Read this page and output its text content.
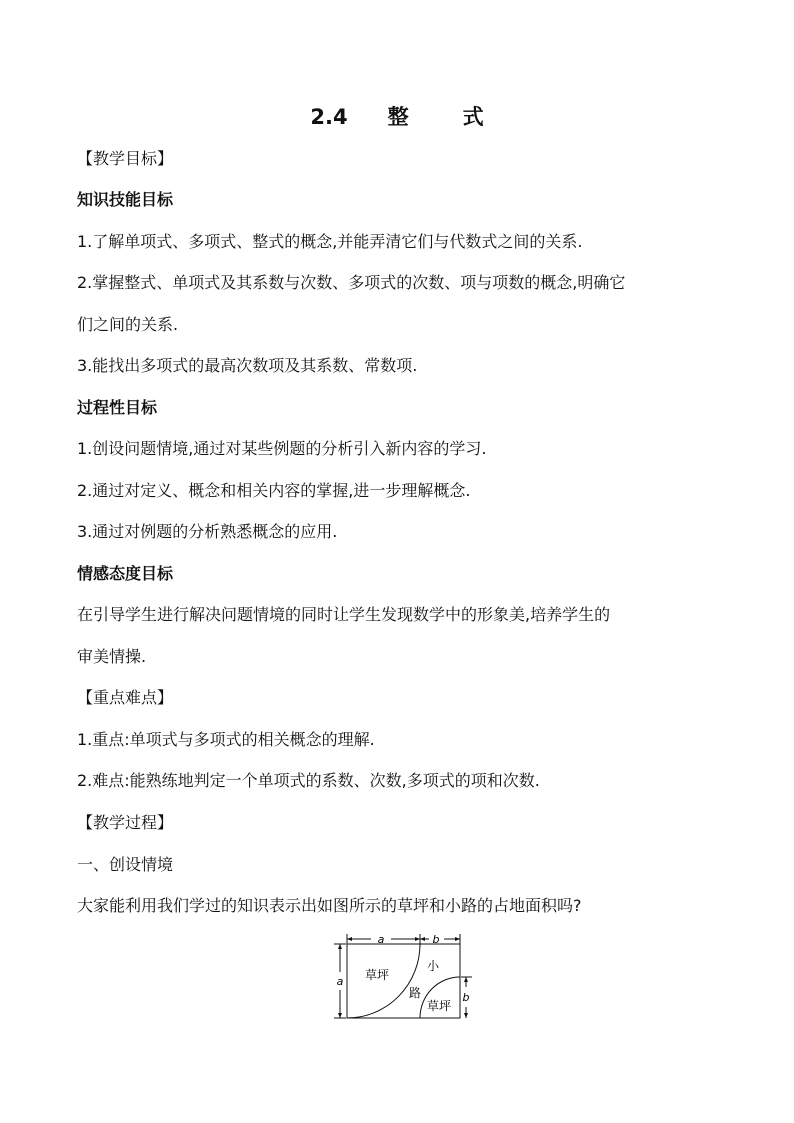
2.4 整	式
【教学目标】
知识技能目标
1.了解单项式、多项式、整式的概念,并能弄清它们与代数式之间的关系.
2.掌握整式、单项式及其系数与次数、多项式的次数、项与项数的概念,明确它
们之间的关系.
3.能找出多项式的最高次数项及其系数、常数项.
过程性目标
1.创设问题情境,通过对某些例题的分析引入新内容的学习.
2.通过对定义、概念和相关内容的掌握,进一步理解概念.
3.通过对例题的分析熟悉概念的应用.
情感态度目标
在引导学生进行解决问题情境的同时让学生发现数学中的形象美,培养学生的
审美情操.
【重点难点】
1.重点:单项式与多项式的相关概念的理解.
2.难点:能熟练地判定一个单项式的系数、次数,多项式的项和次数.
【教学过程】
一、创设情境
大家能利用我们学过的知识表示出如图所示的草坪和小路的占地面积吗?
a	b
a
b
草坪
草坪
小
路
